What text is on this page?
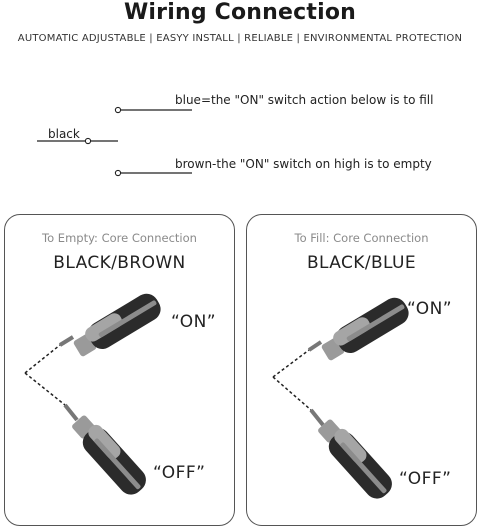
Wiring Connection
AUTOMATIC ADJUSTABLE | EASYY INSTALL | RELIABLE | ENVIRONMENTAL PROTECTION
blue=the "ON" switch action below is to fill
black
brown-the "ON" switch on high is to empty
To Empty: Core Connection
BLACK/BROWN
“ON”
“OFF”
To Fill: Core Connection
BLACK/BLUE
“ON”
“OFF”
